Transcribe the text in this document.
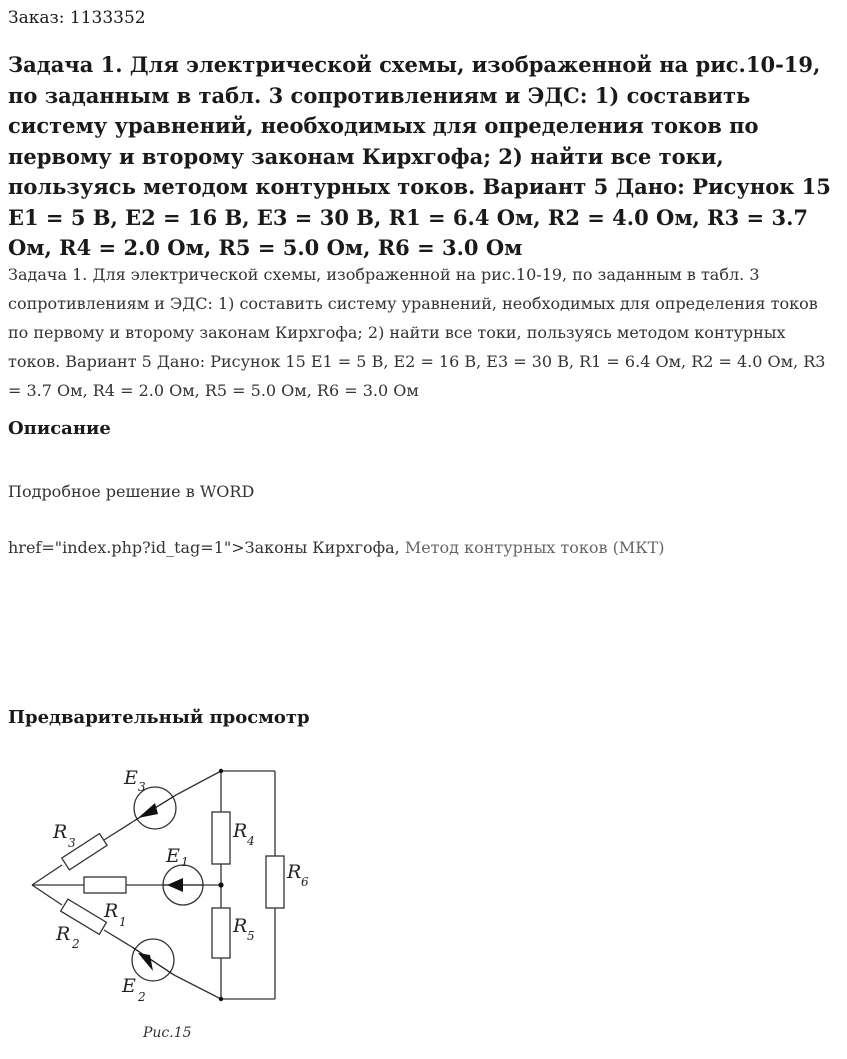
Заказ: 1133352
Задача 1. Для электрической схемы, изображенной на рис.10-19, по заданным в табл. 3 сопротивлениям и ЭДС: 1) составить систему уравнений, необходимых для определения токов по первому и второму законам Кирхгофа; 2) найти все токи, пользуясь методом контурных токов. Вариант 5 Дано: Рисунок 15 E1 = 5 В, E2 = 16 В, E3 = 30 В, R1 = 6.4 Ом, R2 = 4.0 Ом, R3 = 3.7 Ом, R4 = 2.0 Ом, R5 = 5.0 Ом, R6 = 3.0 Ом

Задача 1. Для электрической схемы, изображенной на рис.10-19, по заданным в табл. 3 сопротивлениям и ЭДС: 1) составить систему уравнений, необходимых для определения токов по первому и второму законам Кирхгофа; 2) найти все токи, пользуясь методом контурных токов. Вариант 5 Дано: Рисунок 15 E1 = 5 В, E2 = 16 В, E3 = 30 В, R1 = 6.4 Ом, R2 = 4.0 Ом, R3 = 3.7 Ом, R4 = 2.0 Ом, R5 = 5.0 Ом, R6 = 3.0 Ом

Описание
Подробное решение в WORD
href="index.php?id_tag=1">Законы Кирхгофа, Метод контурных токов (МКТ)
Предварительный просмотр
E 3
E 1
E 2
R 3
R 1
R 2
R 4
R 5
R 6
Рис.15
